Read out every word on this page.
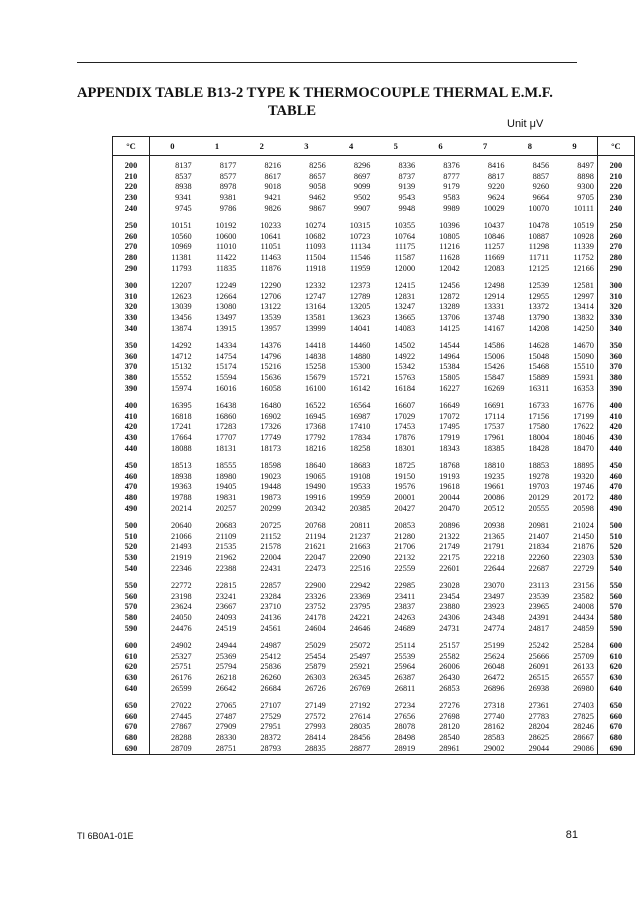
APPENDIX TABLE B13-2 TYPE K THERMOCOUPLE THERMAL E.M.F.
TABLE
Unit μV
°C	0	1	2	3	4	5	6	7	8	9	°C
200	8137	8177	8216	8256	8296	8336	8376	8416	8456	8497	200
210	8537	8577	8617	8657	8697	8737	8777	8817	8857	8898	210
220	8938	8978	9018	9058	9099	9139	9179	9220	9260	9300	220
230	9341	9381	9421	9462	9502	9543	9583	9624	9664	9705	230
240	9745	9786	9826	9867	9907	9948	9989	10029	10070	10111	240

250	10151	10192	10233	10274	10315	10355	10396	10437	10478	10519	250
260	10560	10600	10641	10682	10723	10764	10805	10846	10887	10928	260
270	10969	11010	11051	11093	11134	11175	11216	11257	11298	11339	270
280	11381	11422	11463	11504	11546	11587	11628	11669	11711	11752	280
290	11793	11835	11876	11918	11959	12000	12042	12083	12125	12166	290

300	12207	12249	12290	12332	12373	12415	12456	12498	12539	12581	300
310	12623	12664	12706	12747	12789	12831	12872	12914	12955	12997	310
320	13039	13080	13122	13164	13205	13247	13289	13331	13372	13414	320
330	13456	13497	13539	13581	13623	13665	13706	13748	13790	13832	330
340	13874	13915	13957	13999	14041	14083	14125	14167	14208	14250	340

350	14292	14334	14376	14418	14460	14502	14544	14586	14628	14670	350
360	14712	14754	14796	14838	14880	14922	14964	15006	15048	15090	360
370	15132	15174	15216	15258	15300	15342	15384	15426	15468	15510	370
380	15552	15594	15636	15679	15721	15763	15805	15847	15889	15931	380
390	15974	16016	16058	16100	16142	16184	16227	16269	16311	16353	390

400	16395	16438	16480	16522	16564	16607	16649	16691	16733	16776	400
410	16818	16860	16902	16945	16987	17029	17072	17114	17156	17199	410
420	17241	17283	17326	17368	17410	17453	17495	17537	17580	17622	420
430	17664	17707	17749	17792	17834	17876	17919	17961	18004	18046	430
440	18088	18131	18173	18216	18258	18301	18343	18385	18428	18470	440

450	18513	18555	18598	18640	18683	18725	18768	18810	18853	18895	450
460	18938	18980	19023	19065	19108	19150	19193	19235	19278	19320	460
470	19363	19405	19448	19490	19533	19576	19618	19661	19703	19746	470
480	19788	19831	19873	19916	19959	20001	20044	20086	20129	20172	480
490	20214	20257	20299	20342	20385	20427	20470	20512	20555	20598	490

500	20640	20683	20725	20768	20811	20853	20896	20938	20981	21024	500
510	21066	21109	21152	21194	21237	21280	21322	21365	21407	21450	510
520	21493	21535	21578	21621	21663	21706	21749	21791	21834	21876	520
530	21919	21962	22004	22047	22090	22132	22175	22218	22260	22303	530
540	22346	22388	22431	22473	22516	22559	22601	22644	22687	22729	540

550	22772	22815	22857	22900	22942	22985	23028	23070	23113	23156	550
560	23198	23241	23284	23326	23369	23411	23454	23497	23539	23582	560
570	23624	23667	23710	23752	23795	23837	23880	23923	23965	24008	570
580	24050	24093	24136	24178	24221	24263	24306	24348	24391	24434	580
590	24476	24519	24561	24604	24646	24689	24731	24774	24817	24859	590

600	24902	24944	24987	25029	25072	25114	25157	25199	25242	25284	600
610	25327	25369	25412	25454	25497	25539	25582	25624	25666	25709	610
620	25751	25794	25836	25879	25921	25964	26006	26048	26091	26133	620
630	26176	26218	26260	26303	26345	26387	26430	26472	26515	26557	630
640	26599	26642	26684	26726	26769	26811	26853	26896	26938	26980	640

650	27022	27065	27107	27149	27192	27234	27276	27318	27361	27403	650
660	27445	27487	27529	27572	27614	27656	27698	27740	27783	27825	660
670	27867	27909	27951	27993	28035	28078	28120	28162	28204	28246	670
680	28288	28330	28372	28414	28456	28498	28540	28583	28625	28667	680
690	28709	28751	28793	28835	28877	28919	28961	29002	29044	29086	690
TI 6B0A1-01E	81
